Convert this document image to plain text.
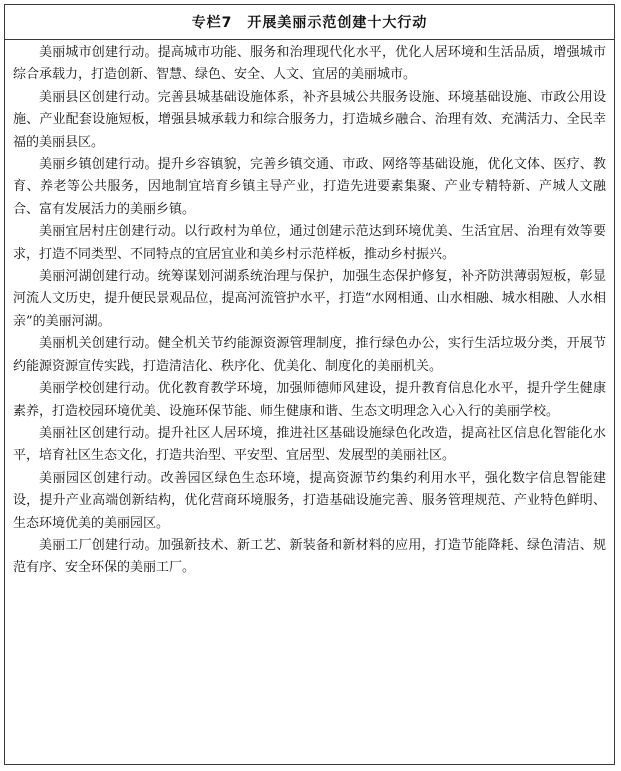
专栏7　开展美丽示范创建十大行动

美丽城市创建行动。提高城市功能、服务和治理现代化水平，优化人居环境和生活品质，增强城市综合承载力，打造创新、智慧、绿色、安全、人文、宜居的美丽城市。

美丽县区创建行动。完善县城基础设施体系，补齐县城公共服务设施、环境基础设施、市政公用设施、产业配套设施短板，增强县城承载力和综合服务力，打造城乡融合、治理有效、充满活力、全民幸福的美丽县区。

美丽乡镇创建行动。提升乡容镇貌，完善乡镇交通、市政、网络等基础设施，优化文体、医疗、教育、养老等公共服务，因地制宜培育乡镇主导产业，打造先进要素集聚、产业专精特新、产城人文融合、富有发展活力的美丽乡镇。

美丽宜居村庄创建行动。以行政村为单位，通过创建示范达到环境优美、生活宜居、治理有效等要求，打造不同类型、不同特点的宜居宜业和美乡村示范样板，推动乡村振兴。

美丽河湖创建行动。统筹谋划河湖系统治理与保护，加强生态保护修复，补齐防洪薄弱短板，彰显河流人文历史，提升便民景观品位，提高河流管护水平，打造“水网相通、山水相融、城水相融、人水相亲”的美丽河湖。

美丽机关创建行动。健全机关节约能源资源管理制度，推行绿色办公，实行生活垃圾分类，开展节约能源资源宣传实践，打造清洁化、秩序化、优美化、制度化的美丽机关。

美丽学校创建行动。优化教育教学环境，加强师德师风建设，提升教育信息化水平，提升学生健康素养，打造校园环境优美、设施环保节能、师生健康和谐、生态文明理念入心入行的美丽学校。

美丽社区创建行动。提升社区人居环境，推进社区基础设施绿色化改造，提高社区信息化智能化水平，培育社区生态文化，打造共治型、平安型、宜居型、发展型的美丽社区。

美丽园区创建行动。改善园区绿色生态环境，提高资源节约集约利用水平，强化数字信息智能建设，提升产业高端创新结构，优化营商环境服务，打造基础设施完善、服务管理规范、产业特色鲜明、生态环境优美的美丽园区。

美丽工厂创建行动。加强新技术、新工艺、新装备和新材料的应用，打造节能降耗、绿色清洁、规范有序、安全环保的美丽工厂。
